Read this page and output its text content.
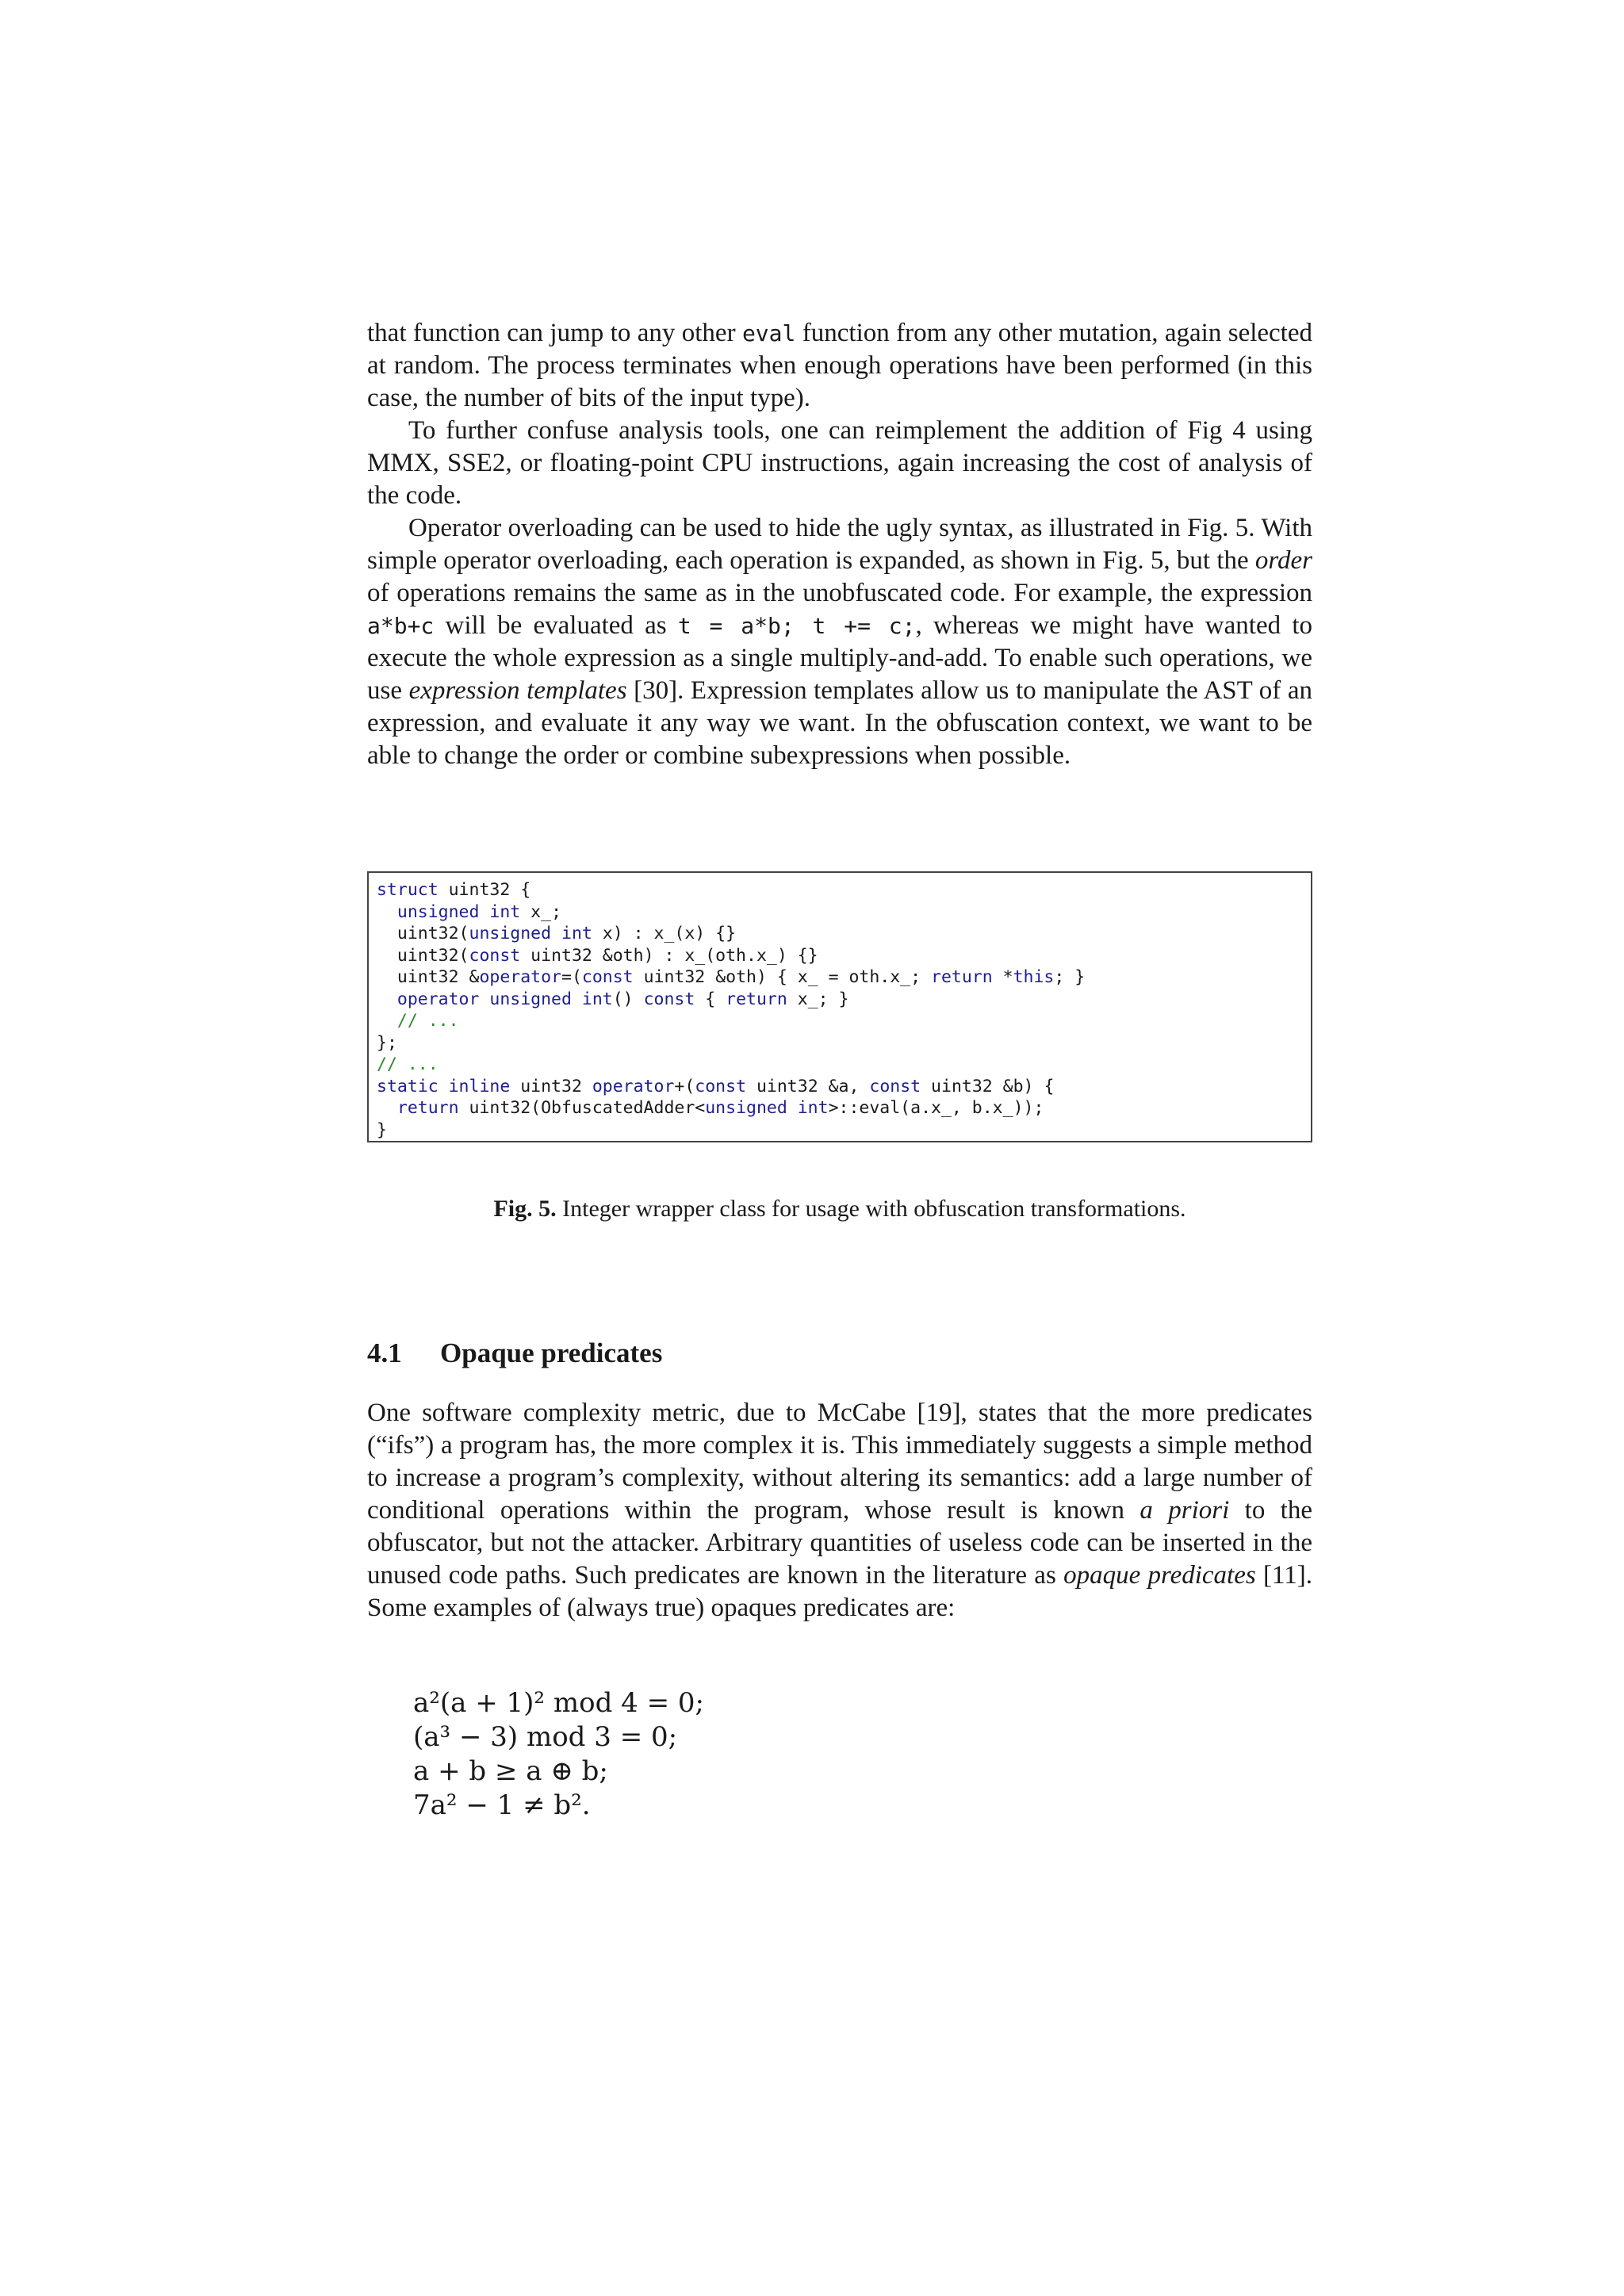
that function can jump to any other eval function from any other mutation, again selected at random. The process terminates when enough operations have been performed (in this case, the number of bits of the input type).

To further confuse analysis tools, one can reimplement the addition of Fig 4 using MMX, SSE2, or floating-point CPU instructions, again increasing the cost of analysis of the code.

Operator overloading can be used to hide the ugly syntax, as illustrated in Fig. 5. With simple operator overloading, each operation is expanded, as shown in Fig. 5, but the order of operations remains the same as in the unobfuscated code. For example, the expression a*b+c will be evaluated as t = a*b; t += c;, whereas we might have wanted to execute the whole expression as a single multiply-and-add. To enable such operations, we use expression templates [30]. Expression templates allow us to manipulate the AST of an expression, and evaluate it any way we want. In the obfuscation context, we want to be able to change the order or combine subexpressions when possible.

struct uint32 {
unsigned int x_;
uint32(unsigned int x) : x_(x) {}
uint32(const uint32 &oth) : x_(oth.x_) {}
uint32 &operator=(const uint32 &oth) { x_ = oth.x_; return *this; }
operator unsigned int() const { return x_; }
// ...
};
// ...
static inline uint32 operator+(const uint32 &a, const uint32 &b) {
return uint32(ObfuscatedAdder<unsigned int>::eval(a.x_, b.x_));
}
Fig. 5. Integer wrapper class for usage with obfuscation transformations.
4.1 Opaque predicates

One software complexity metric, due to McCabe [19], states that the more predicates (“ifs”) a program has, the more complex it is. This immediately suggests a simple method to increase a program’s complexity, without altering its semantics: add a large number of conditional operations within the program, whose result is known a priori to the obfuscator, but not the attacker. Arbitrary quantities of useless code can be inserted in the unused code paths. Such predicates are known in the literature as opaque predicates [11]. Some examples of (always true) opaques predicates are:

a²(a + 1)² mod 4 = 0;
(a³ − 3) mod 3 = 0;
a + b ≥ a ⊕ b;
7a² − 1 ≠ b².
